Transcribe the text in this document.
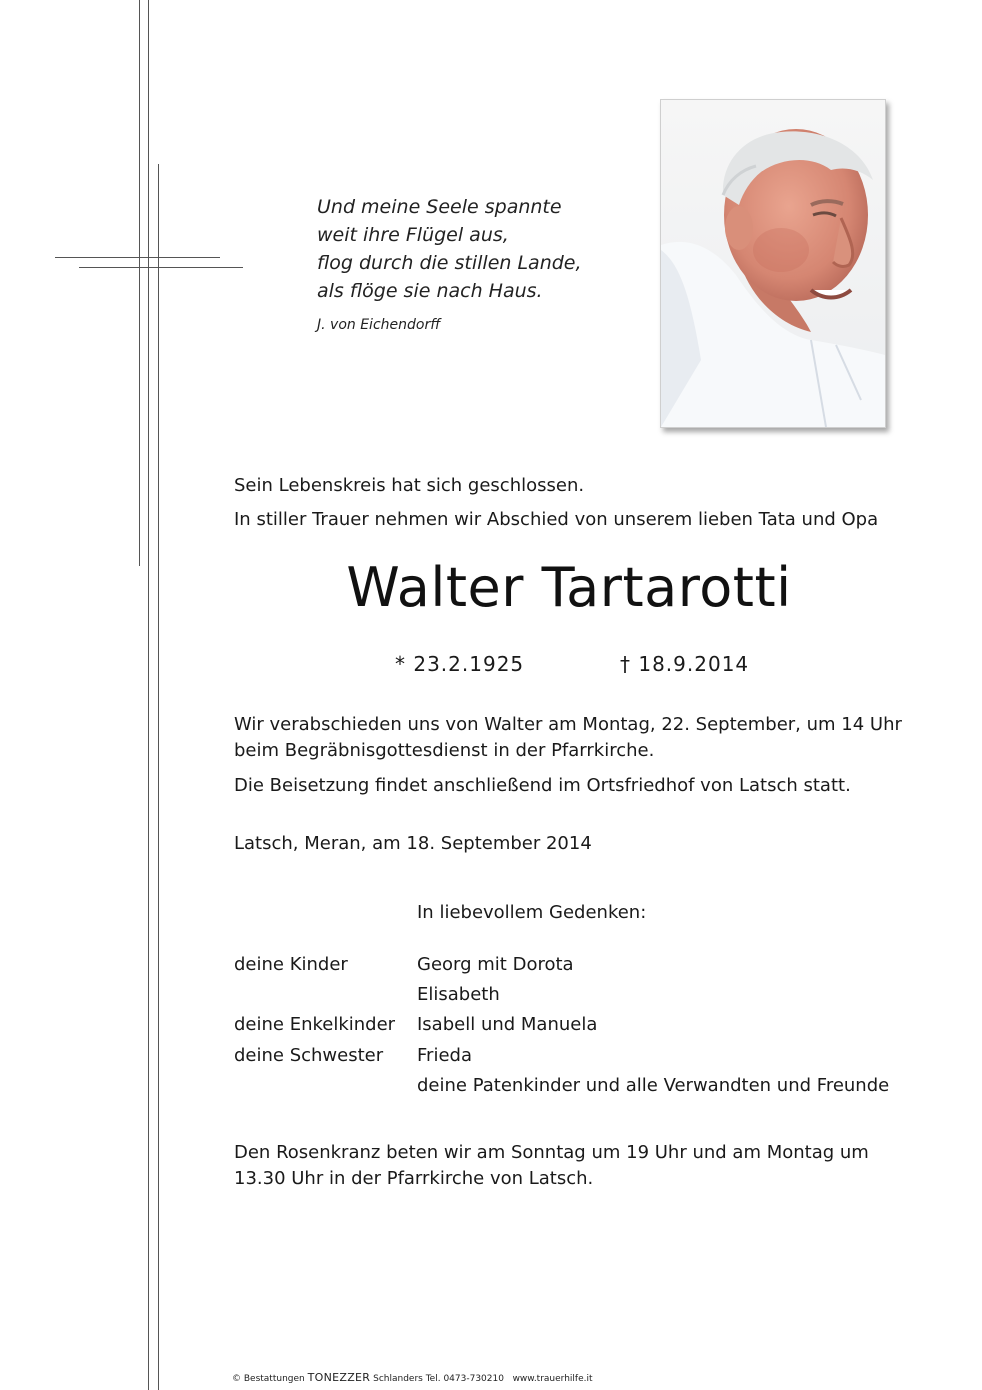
Und meine Seele spannte
weit ihre Flügel aus,
flog durch die stillen Lande,
als flöge sie nach Haus.
J. von Eichendorff
Sein Lebenskreis hat sich geschlossen.
In stiller Trauer nehmen wir Abschied von unserem lieben Tata und Opa
Walter Tartarotti
* 23.2.1925	† 18.9.2014
Wir verabschieden uns von Walter am Montag, 22. September, um 14 Uhr
beim Begräbnisgottesdienst in der Pfarrkirche.
Die Beisetzung findet anschließend im Ortsfriedhof von Latsch statt.
Latsch, Meran, am 18. September 2014
In liebevollem Gedenken:
deine Kinder	Georg mit Dorota
Elisabeth
deine Enkelkinder Isabell und Manuela
deine Schwester Frieda
deine Patenkinder und alle Verwandten und Freunde
Den Rosenkranz beten wir am Sonntag um 19 Uhr und am Montag um
13.30 Uhr in der Pfarrkirche von Latsch.
© Bestattungen TONEZZER Schlanders Tel. 0473-730210 www.trauerhilfe.it
